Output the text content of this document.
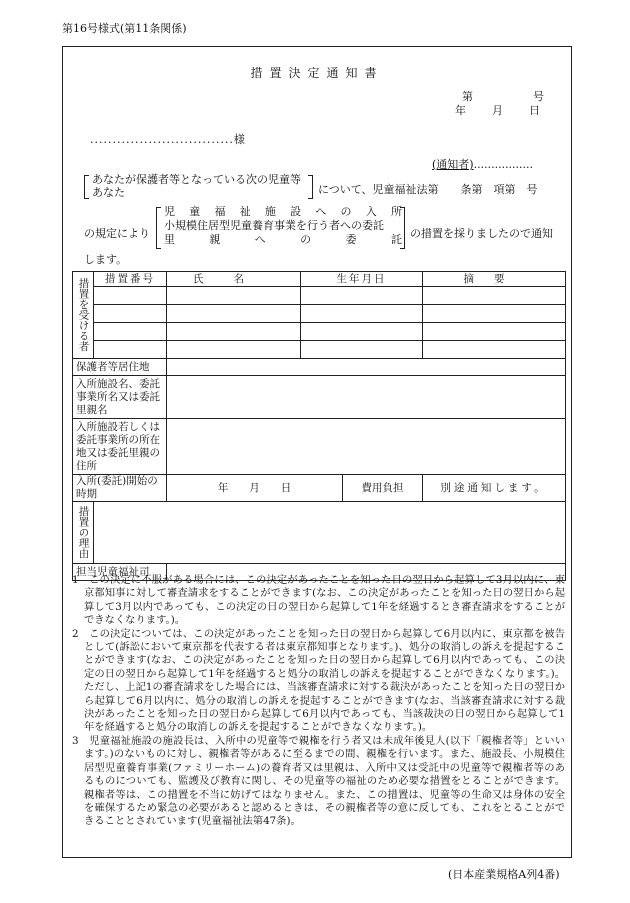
第16号様式(第11条関係)
措置決定通知書
第	号
年 月 日
................................様
(通知者).................
あなたが保護者等となっている次の児童等
あなた	について、児童福祉法第　　条第　項第　号
の規定により
児 童 福 祉 施 設 へ の 入 所
小規模住居型児童養育事業を行う者への委託
里	親	へ	の	委	託 の措置を採りましたので通知
します。
措置を受ける者	措置番号	氏名	生年月日		摘要

保護者等居住地					
入所施設名、委託事業所名又は委託里親名					
入所施設若しくは委託事業所の所在地又は委託里親の住所					
入所(委託)開始の時期		年　　月　　日		費用負担	別途通知します。
措置の理由					
担当児童福祉司					

1　この決定に不服がある場合には、この決定があったことを知った日の翌日から起算して3月以内に、東京都知事に対して審査請求をすることができます(なお、この決定があったことを知った日の翌日から起算して3月以内であっても、この決定の日の翌日から起算して1年を経過するとき審査請求をすることができなくなります。)。

2　この決定については、この決定があったことを知った日の翌日から起算して6月以内に、東京都を被告として(訴訟において東京都を代表する者は東京都知事となります。)、処分の取消しの訴えを提起することができます(なお、この決定があったことを知った日の翌日から起算して6月以内であっても、この決定の日の翌日から起算して1年を経過すると処分の取消しの訴えを提起することができなくなります。)。ただし、上記1の審査請求をした場合には、当該審査請求に対する裁決があったことを知った日の翌日から起算して6月以内に、処分の取消しの訴えを提起することができます(なお、当該審査請求に対する裁決があったことを知った日の翌日から起算して6月以内であっても、当該裁決の日の翌日から起算して1年を経過すると処分の取消しの訴えを提起することができなくなります。)。

3　児童福祉施設の施設長は、入所中の児童等で親権を行う者又は未成年後見人(以下「親権者等」といいます。)のないものに対し、親権者等があるに至るまでの間、親権を行います。また、施設長、小規模住居型児童養育事業(ファミリーホーム)の養育者又は里親は、入所中又は受託中の児童等で親権者等のあるものについても、監護及び教育に関し、その児童等の福祉のため必要な措置をとることができます。親権者等は、この措置を不当に妨げてはなりません。また、この措置は、児童等の生命又は身体の安全を確保するため緊急の必要があると認めるときは、その親権者等の意に反しても、これをとることができることとされています(児童福祉法第47条)。

(日本産業規格A列4番)
